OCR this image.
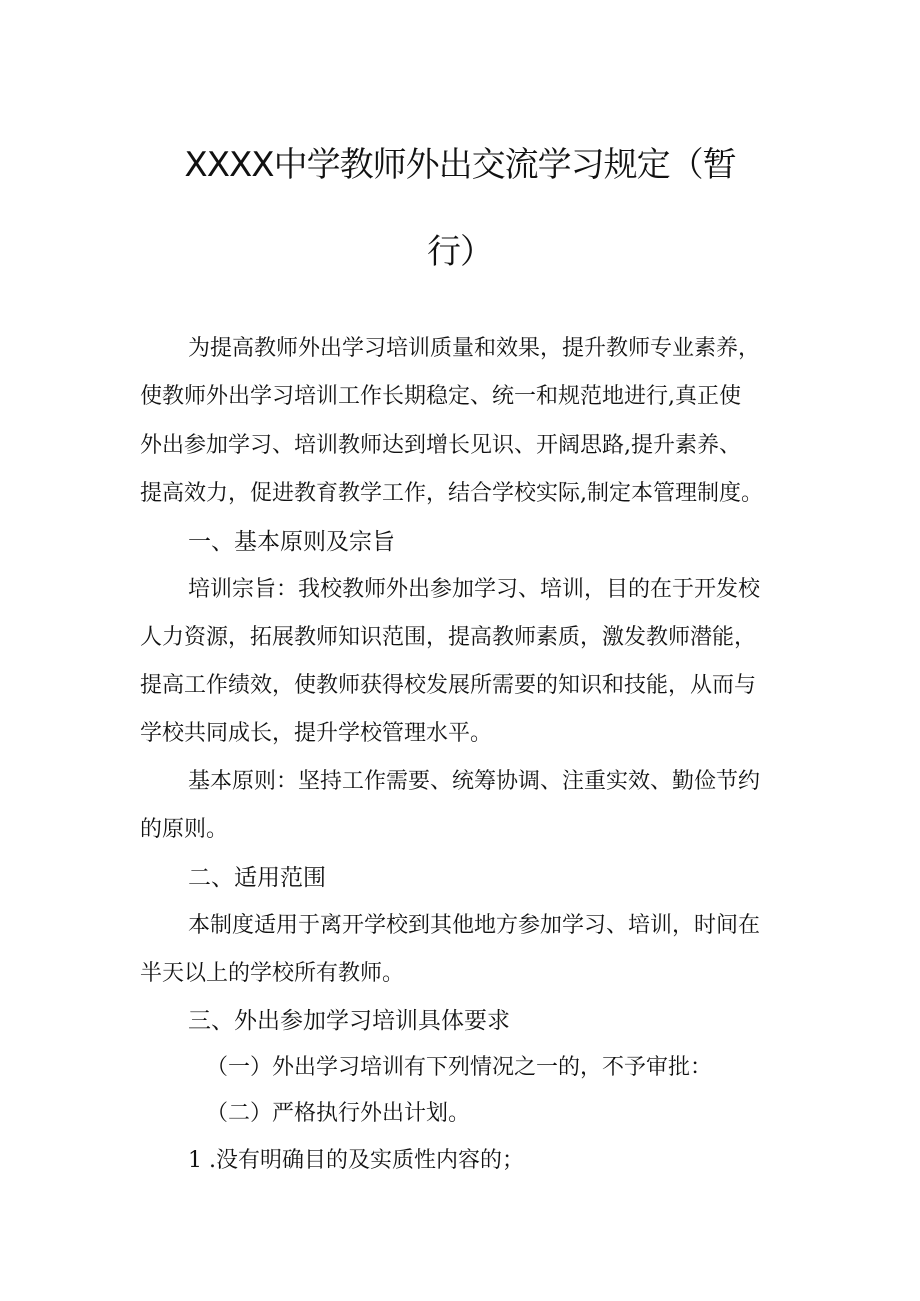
XXXX中学教师外出交流学习规定（暂
行）
为提高教师外出学习培训质量和效果，提升教师专业素养，
使教师外出学习培训工作长期稳定、统一和规范地进行,真正使
外出参加学习、培训教师达到增长见识、开阔思路,提升素养、
提高效力，促进教育教学工作，结合学校实际,制定本管理制度。
一、基本原则及宗旨
培训宗旨：我校教师外出参加学习、培训，目的在于开发校
人力资源，拓展教师知识范围，提高教师素质，激发教师潜能，
提高工作绩效，使教师获得校发展所需要的知识和技能，从而与
学校共同成长，提升学校管理水平。
基本原则：坚持工作需要、统筹协调、注重实效、勤俭节约
的原则。
二、适用范围
本制度适用于离开学校到其他地方参加学习、培训，时间在
半天以上的学校所有教师。
三、外出参加学习培训具体要求
（一）外出学习培训有下列情况之一的，不予审批：
（二）严格执行外出计划。
1 .没有明确目的及实质性内容的；
